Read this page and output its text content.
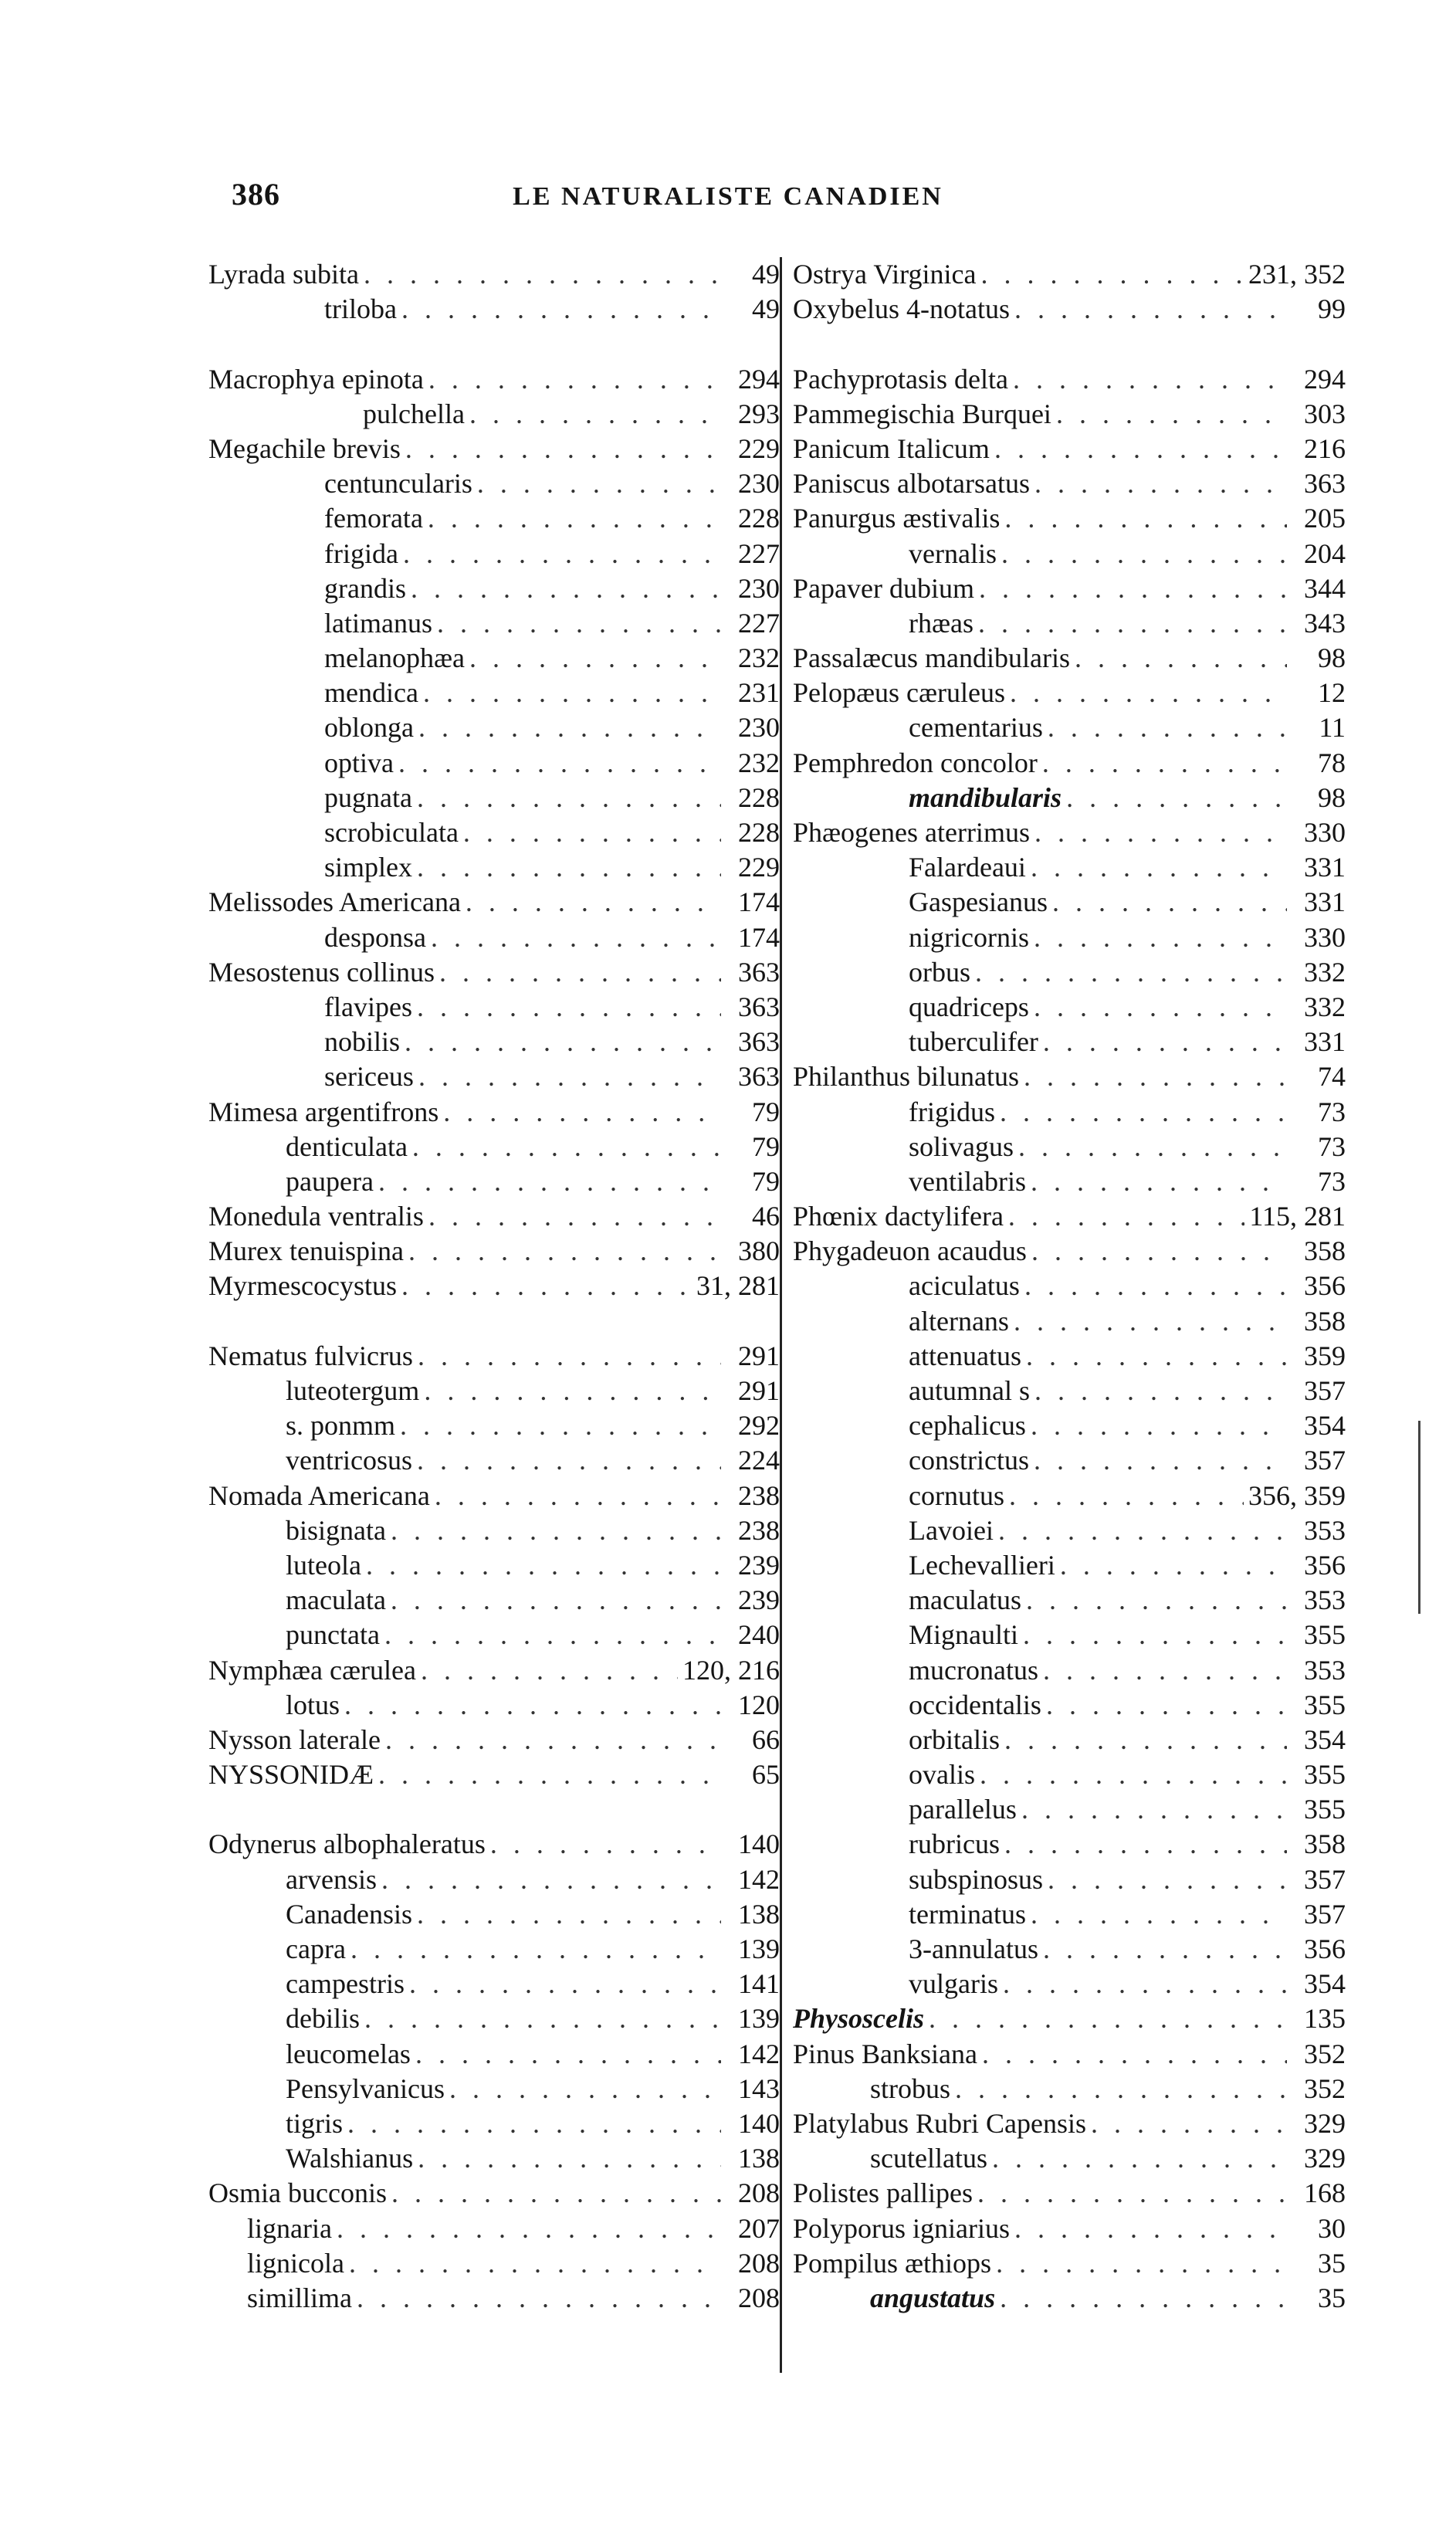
386	LE NATURALISTE CANADIEN
Lyrada subita . . .	49
triloba . . .	49
Macrophya epinota . . .	294
pulchella . . .	293
Megachile brevis . . .	229
centuncularis . . .	230
femorata . . .	228
frigida . . .	227
grandis . . .	230
latimanus . . .	227
melanophæa . . .	232
mendica . . .	231
oblonga . . .	230
optiva . . .	232
pugnata . . .	228
scrobiculata . . .	228
simplex . . .	229
Melissodes Americana . . .	174
desponsa . . .	174
Mesostenus collinus . . .	363
flavipes . . .	363
nobilis . . .	363
sericeus . . .	363
Mimesa argentifrons . . .	79
denticulata . . .	79
paupera . . .	79
Monedula ventralis . . .	46
Murex tenuispina . . .	380
Myrmescocystus . . .	31, 281
Nematus fulvicrus . . .	291
luteotergum . . .	291
s. ponmm . . .	292
ventricosus . . .	224
Nomada Americana . . .	238
bisignata . . .	238
luteola . . .	239
maculata . . .	239
punctata . . .	240
Nymphæa cærulea . . .	120, 216
lotus . . .	120
Nysson laterale . . .	66
NYSSONIDÆ . . .	65
Odynerus albophaleratus . . .	140
arvensis . . .	142
Canadensis . . .	138
capra . . .	139
campestris . . .	141
debilis . . .	139
leucomelas . . .	142
Pensylvanicus . . .	143
tigris . . .	140
Walshianus . . .	138
Osmia bucconis . . .	208
lignaria . . .	207
lignicola . . .	208
simillima . . .	208
Ostrya Virginica . . .	231, 352
Oxybelus 4-notatus . . .	99
Pachyprotasis delta . . .	294
Pammegischia Burquei . . .	303
Panicum Italicum . . .	216
Paniscus albotarsatus . . .	363
Panurgus æstivalis . . .	205
vernalis . . .	204
Papaver dubium . . .	344
rhæas . . .	343
Passalæcus mandibularis . . .	98
Pelopæus cæruleus . . .	12
cementarius . . .	11
Pemphredon concolor . . .	78
mandibularis . . .	98
Phæogenes aterrimus . . .	330
Falardeaui . . .	331
Gaspesianus . . .	331
nigricornis . . .	330
orbus . . .	332
quadriceps . . .	332
tuberculifer . . .	331
Philanthus bilunatus . . .	74
frigidus . . .	73
solivagus . . .	73
ventilabris . . .	73
Phœnix dactylifera . . .	115, 281
Phygadeuon acaudus . . .	358
aciculatus . . .	356
alternans . . .	358
attenuatus . . .	359
autumnal s . . .	357
cephalicus . . .	354
constrictus . . .	357
cornutus . . .	356, 359
Lavoiei . . .	353
Lechevallieri . . .	356
maculatus . . .	353
Mignaulti . . .	355
mucronatus . . .	353
occidentalis . . .	355
orbitalis . . .	354
ovalis . . .	355
parallelus . . .	355
rubricus . . .	358
subspinosus . . .	357
terminatus . . .	357
3-annulatus . . .	356
vulgaris . . .	354
Physoscelis . . .	135
Pinus Banksiana . . .	352
strobus . . .	352
Platylabus Rubri Capensis . . .	329
scutellatus . . .	329
Polistes pallipes . . .	168
Polyporus igniarius . . .	30
Pompilus æthiops . . .	35
angustatus . . .	35
